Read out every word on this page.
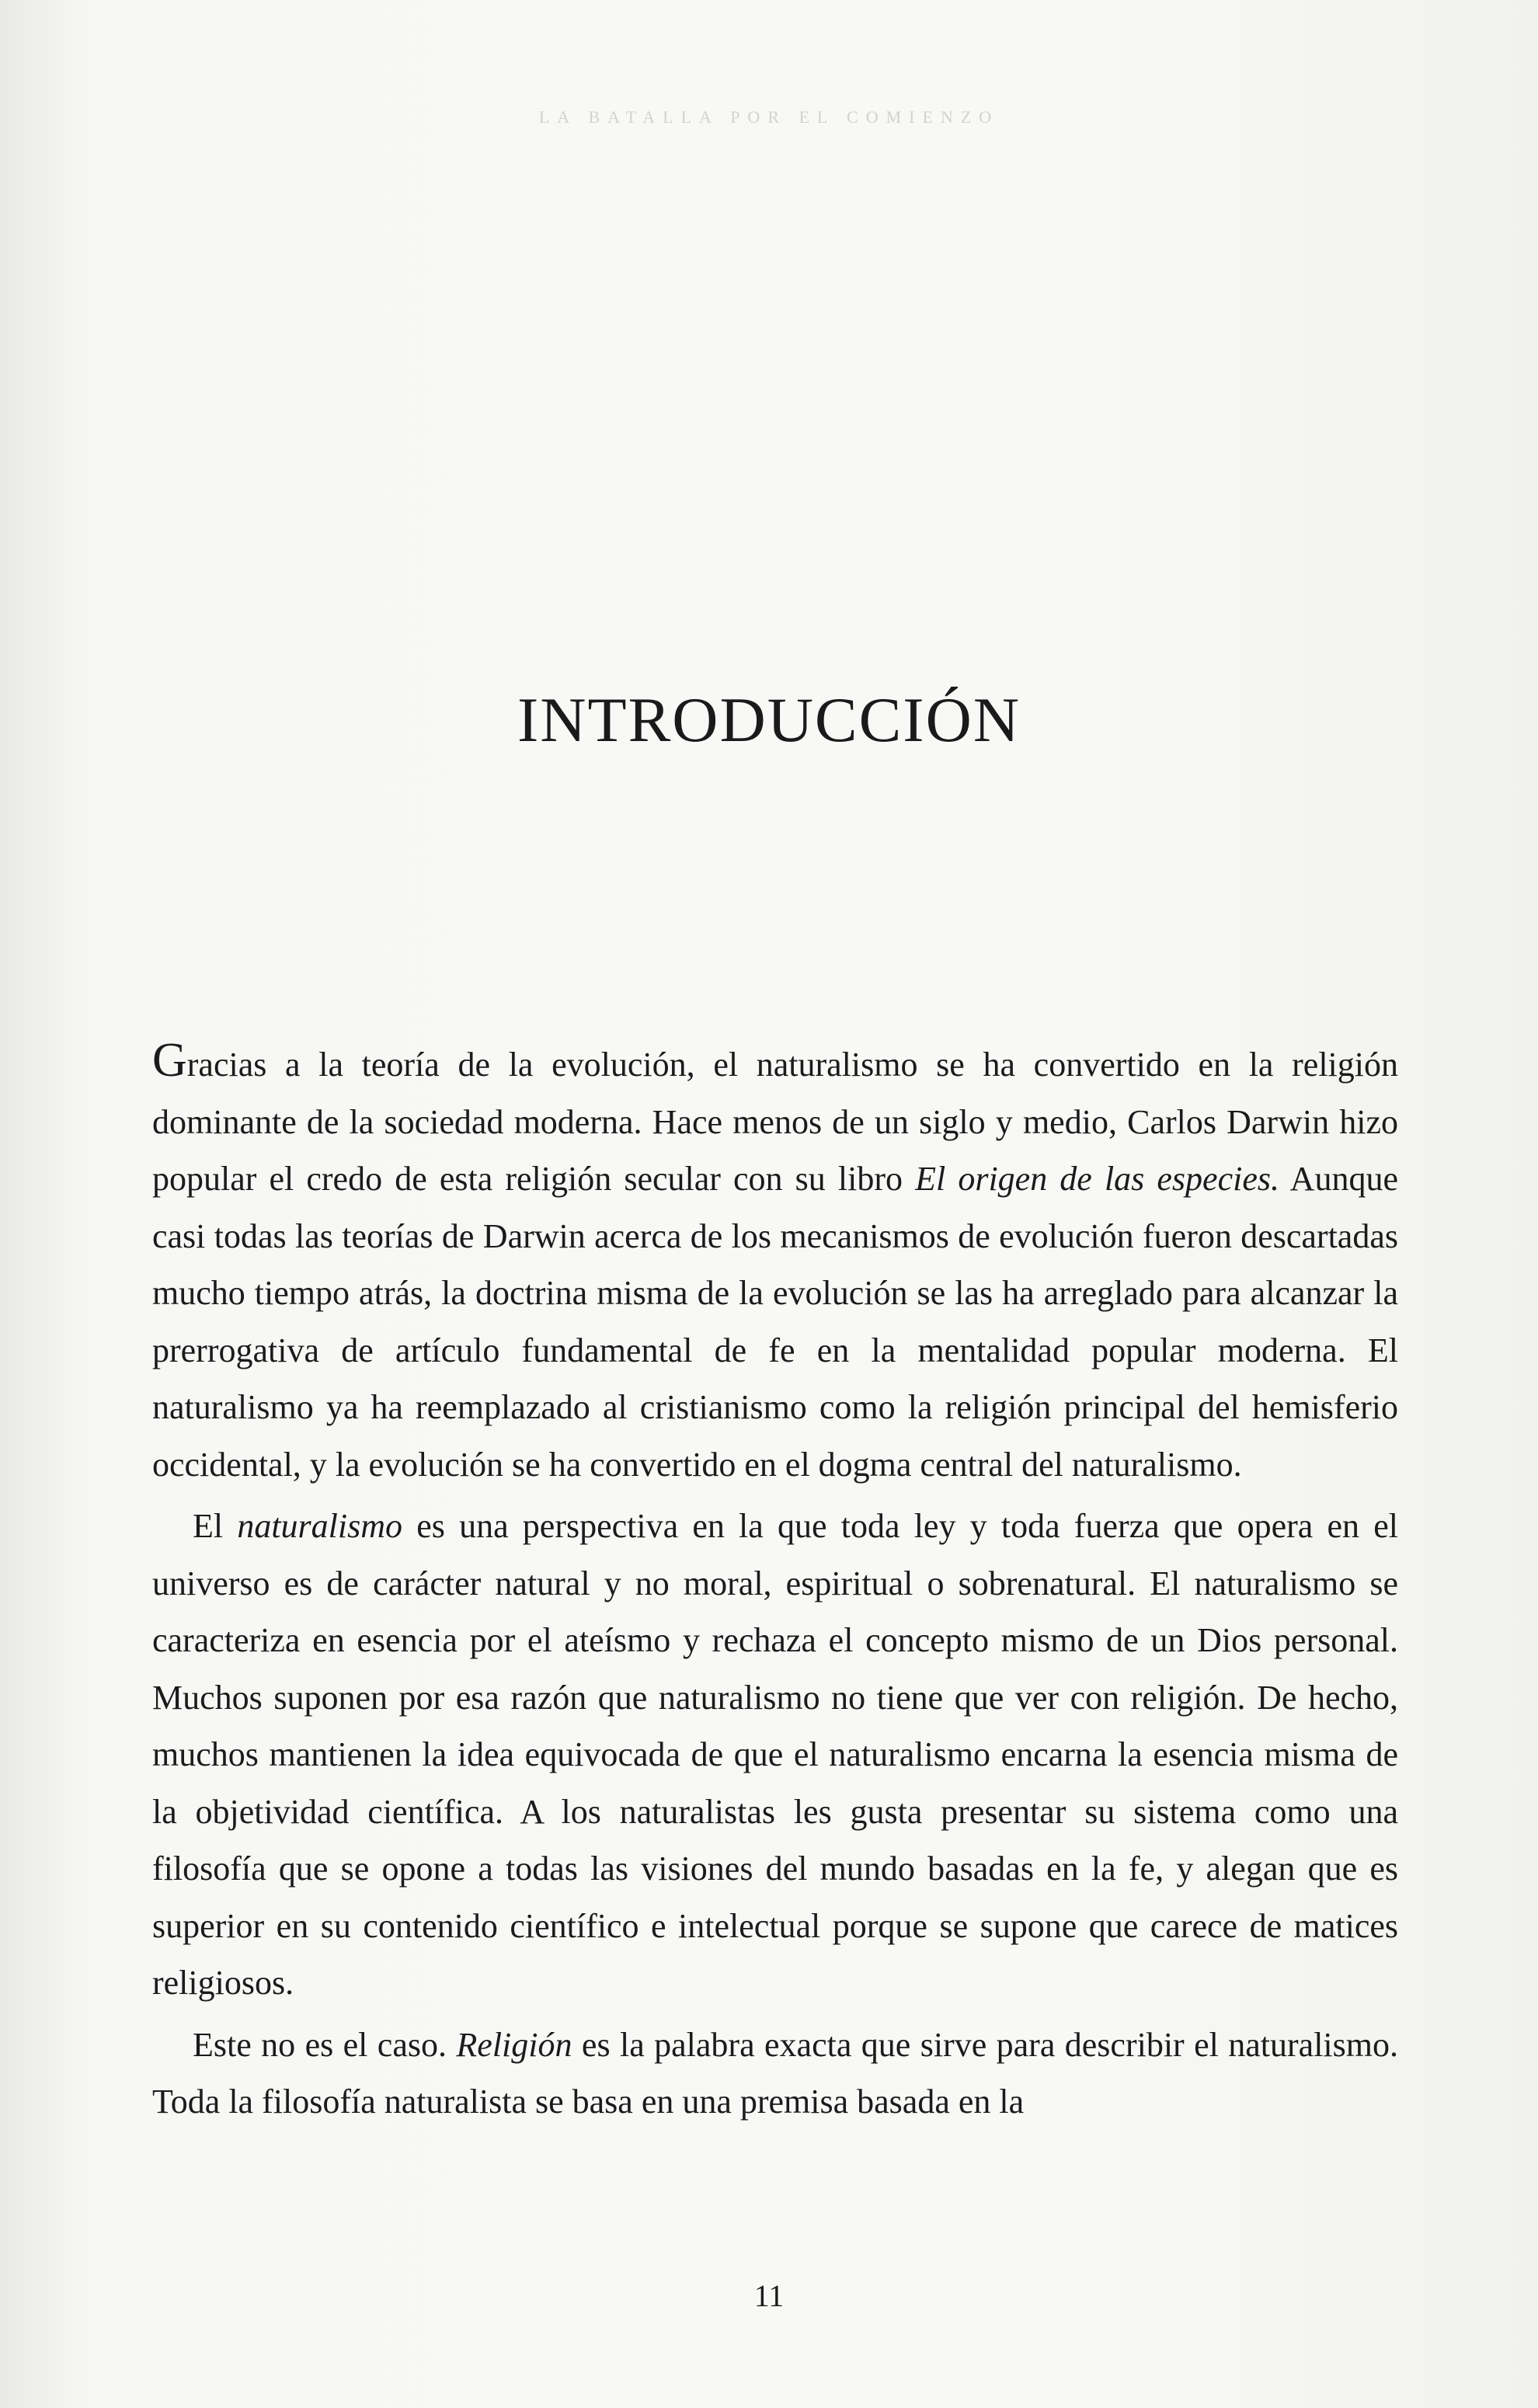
LA BATALLA POR EL COMIENZO
INTRODUCCIÓN

Gracias a la teoría de la evolución, el naturalismo se ha convertido en la religión dominante de la sociedad moderna. Hace menos de un siglo y medio, Carlos Darwin hizo popular el credo de esta religión secular con su libro El origen de las especies. Aunque casi todas las teorías de Darwin acerca de los mecanismos de evolución fueron descartadas mucho tiempo atrás, la doctrina misma de la evolución se las ha arreglado para alcanzar la prerrogativa de artículo fundamental de fe en la mentalidad popular moderna. El naturalismo ya ha reemplazado al cristianismo como la religión principal del hemisferio occidental, y la evolución se ha convertido en el dogma central del naturalismo.

El naturalismo es una perspectiva en la que toda ley y toda fuerza que opera en el universo es de carácter natural y no moral, espiritual o sobrenatural. El naturalismo se caracteriza en esencia por el ateísmo y rechaza el concepto mismo de un Dios personal. Muchos suponen por esa razón que naturalismo no tiene que ver con religión. De hecho, muchos mantienen la idea equivocada de que el naturalismo encarna la esencia misma de la objetividad científica. A los naturalistas les gusta presentar su sistema como una filosofía que se opone a todas las visiones del mundo basadas en la fe, y alegan que es superior en su contenido científico e intelectual porque se supone que carece de matices religiosos.

Este no es el caso. Religión es la palabra exacta que sirve para describir el naturalismo. Toda la filosofía naturalista se basa en una premisa basada en la

11
